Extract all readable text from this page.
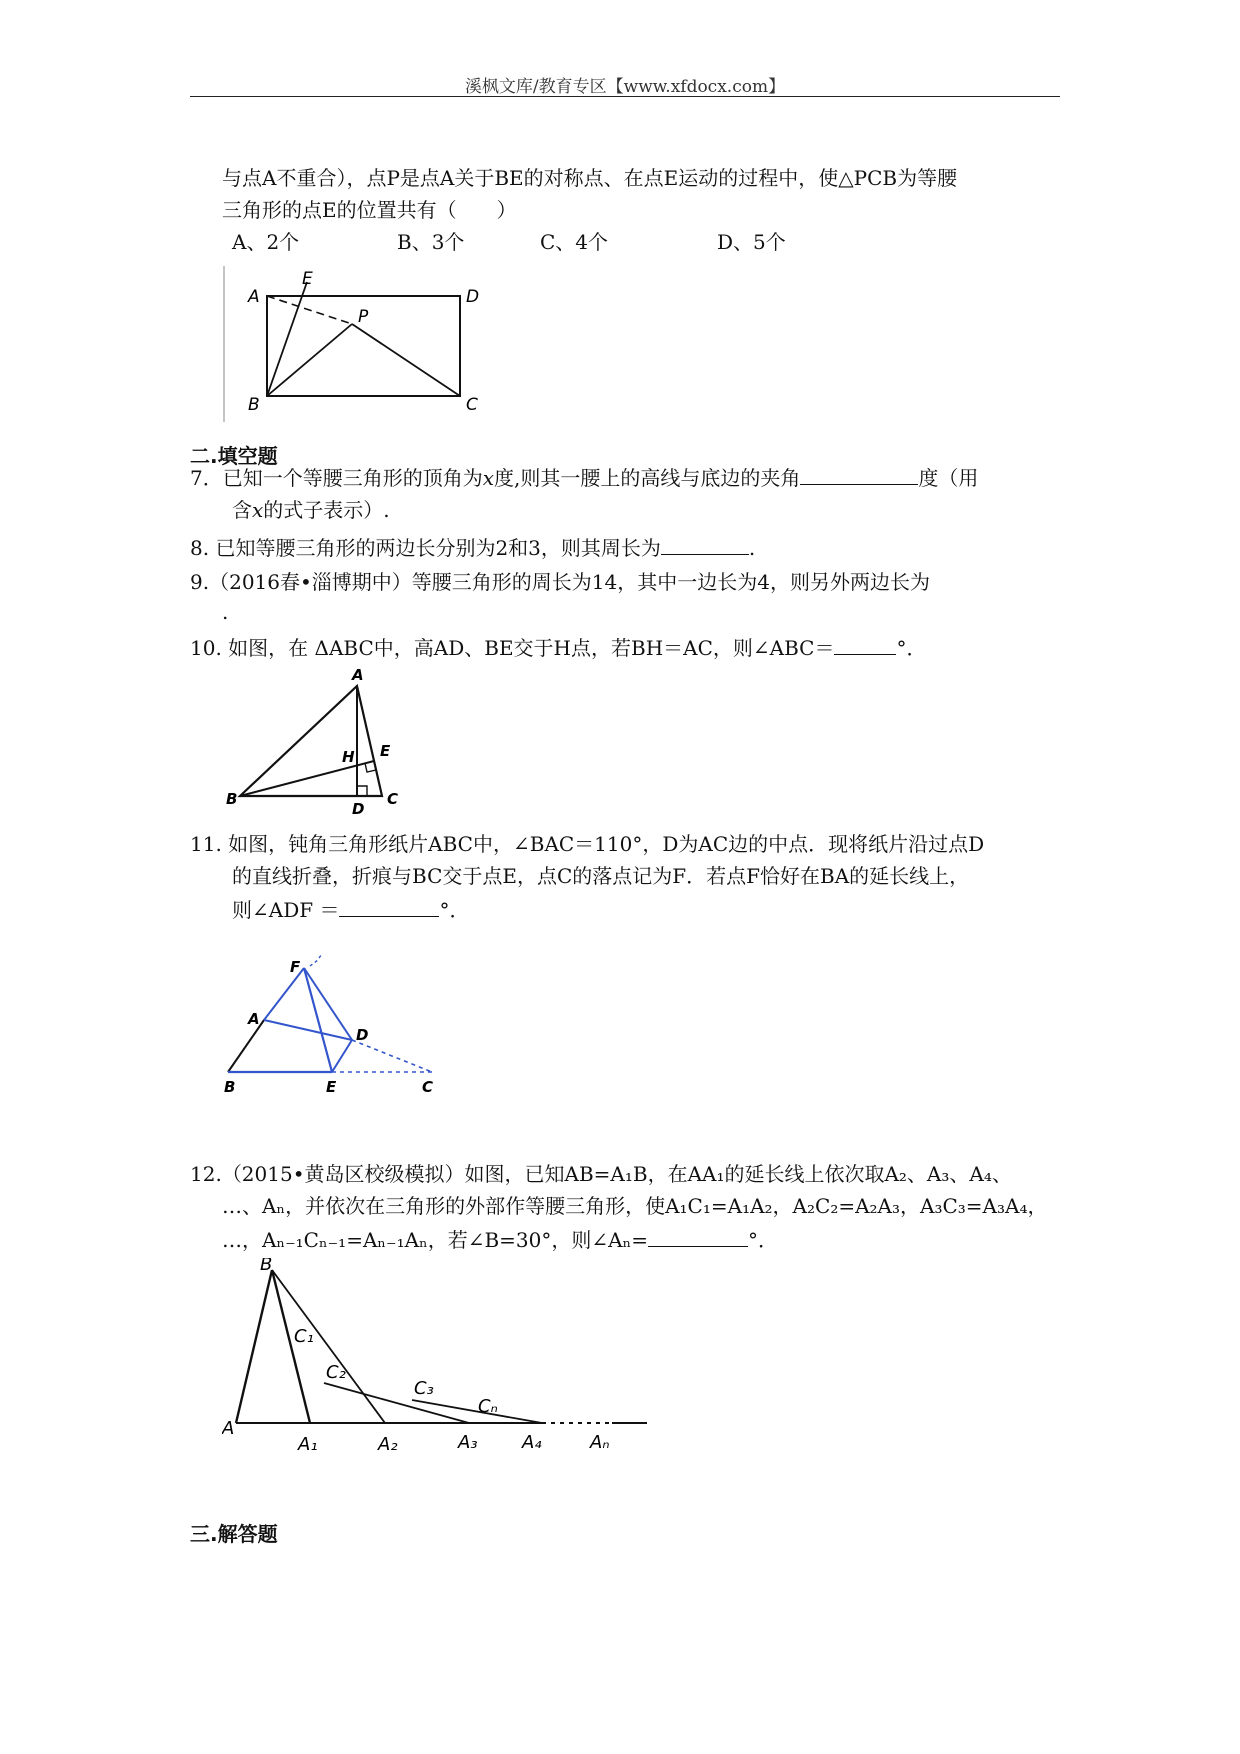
溪枫文库/教育专区【www.xfdocx.com】
与点A不重合），点P是点A关于BE的对称点、在点E运动的过程中，使△PCB为等腰
三角形的点E的位置共有（　　）
A、2个	B、3个	C、4个	D、5个
A
E
P
D
B	C
二.填空题
7．已知一个等腰三角形的顶角为x度,则其一腰上的高线与底边的夹角	度（用
含x的式子表示）.
8. 已知等腰三角形的两边长分别为2和3，则其周长为	.
9.（2016春•淄博期中）等腰三角形的周长为14，其中一边长为4，则另外两边长为
.
10. 如图，在 ΔABC中，高AD、BE交于H点，若BH＝AC，则∠ABC＝	°．
A
H E
B
D
C
11. 如图，钝角三角形纸片ABC中，∠BAC＝110°，D为AC边的中点．现将纸片沿过点D
的直线折叠，折痕与BC交于点E，点C的落点记为F．若点F恰好在BA的延长线上，
则∠ADF ＝	°．
F
A
D
B	E	C
12.（2015•黄岛区校级模拟）如图，已知AB=A₁B，在AA₁的延长线上依次取A₂、A₃、A₄、
…、Aₙ，并依次在三角形的外部作等腰三角形，使A₁C₁=A₁A₂，A₂C₂=A₂A₃，A₃C₃=A₃A₄，
…，Aₙ₋₁Cₙ₋₁=Aₙ₋₁Aₙ，若∠B=30°，则∠Aₙ=	°．
B
A
A₁	A₂	A₃ A₄	Aₙ
C₁
C₂
C₃
Cₙ
三.解答题
